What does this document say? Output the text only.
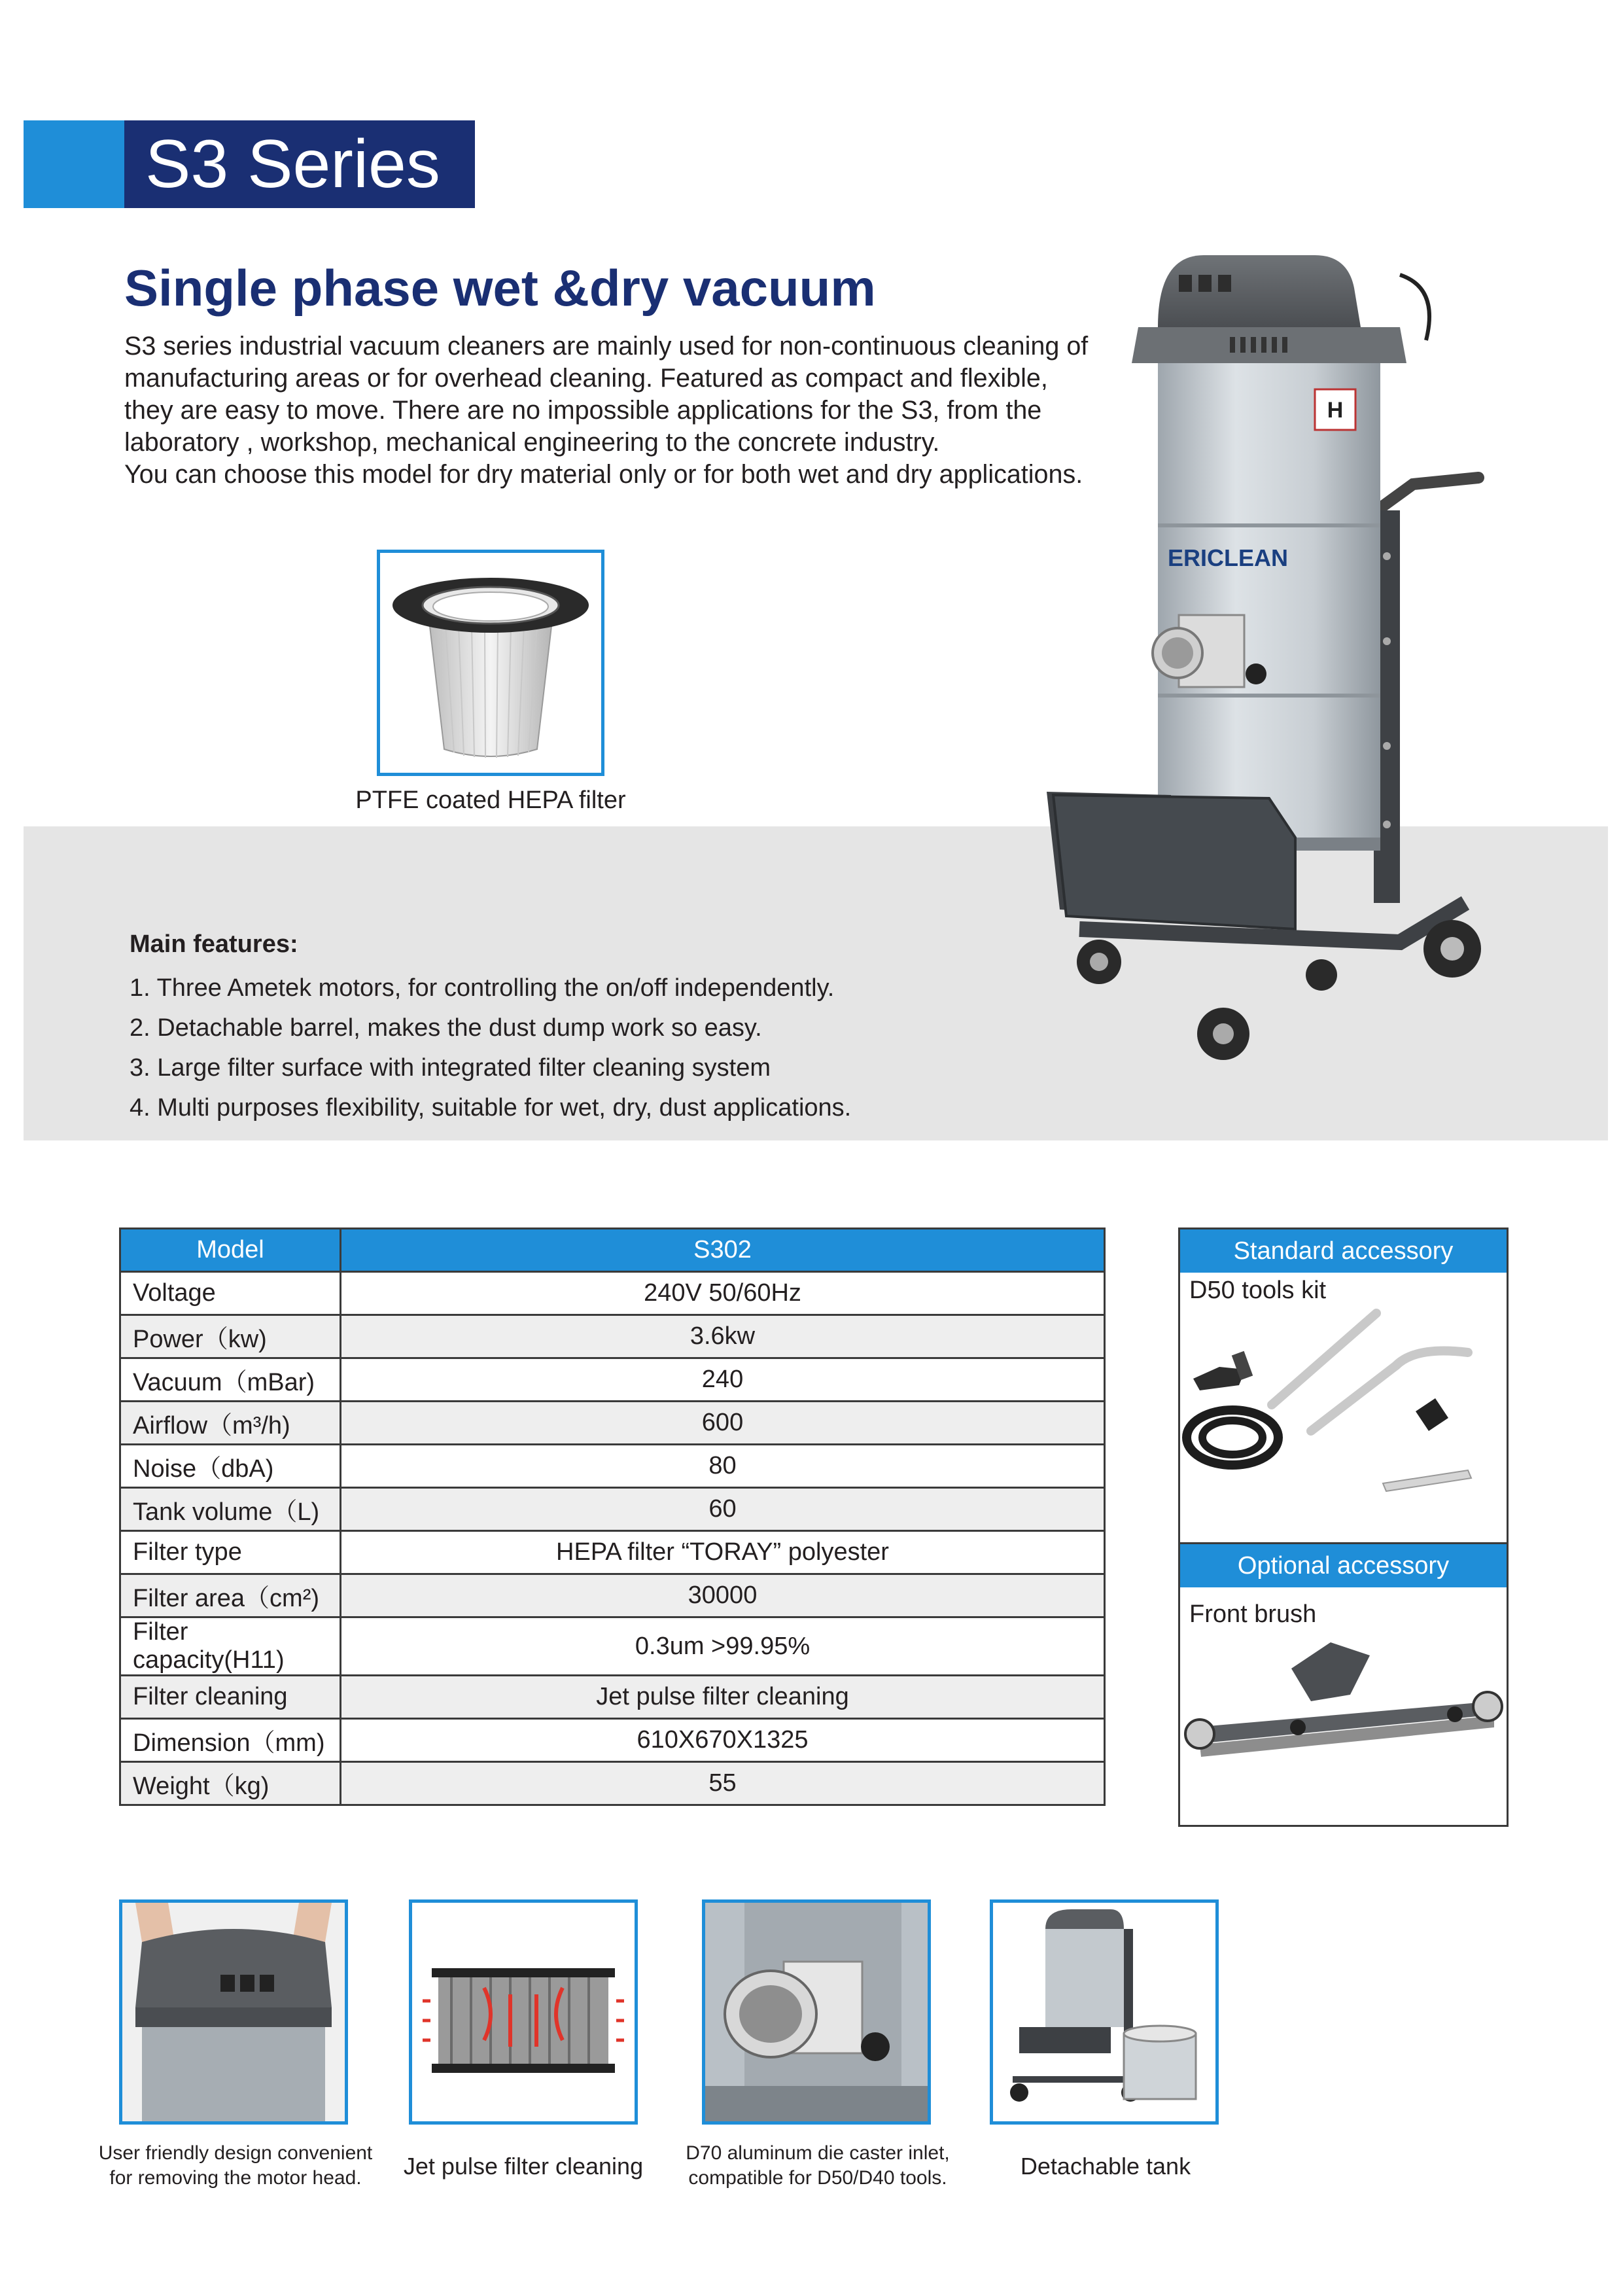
S3 Series
Single phase wet &dry vacuum

S3 series industrial vacuum cleaners are mainly used for non-continuous cleaning of

manufacturing areas or for overhead cleaning. Featured as compact and flexible,

they are easy to move. There are no impossible applications for the S3, from the

laboratory , workshop, mechanical engineering to the concrete industry.

You can choose this model for dry material only or for both wet and dry applications.

PTFE coated HEPA filter
Main features:
1. Three Ametek motors, for controlling the on/off independently.
2. Detachable barrel, makes the dust dump work so easy.
3. Large filter surface with integrated filter cleaning system
4. Multi purposes flexibility, suitable for wet, dry, dust applications.
H
ERICLEAN
Model	S302
Voltage	240V 50/60Hz
Power（kw)	3.6kw
Vacuum（mBar)	240
Airflow（m³/h)	600
Noise（dbA)	80
Tank volume（L)	60
Filter type	HEPA filter “TORAY” polyester
Filter area（cm²)	30000
Filter capacity(H11)	0.3um >99.95%
Filter cleaning	Jet pulse filter cleaning
Dimension（mm)	610X670X1325
Weight（kg)	55
Standard accessory
D50 tools kit
Optional accessory
Front brush
User friendly design convenient
for removing the motor head.	Jet pulse filter cleaning	D70 aluminum die caster inlet,
compatible for D50/D40 tools.	Detachable tank
